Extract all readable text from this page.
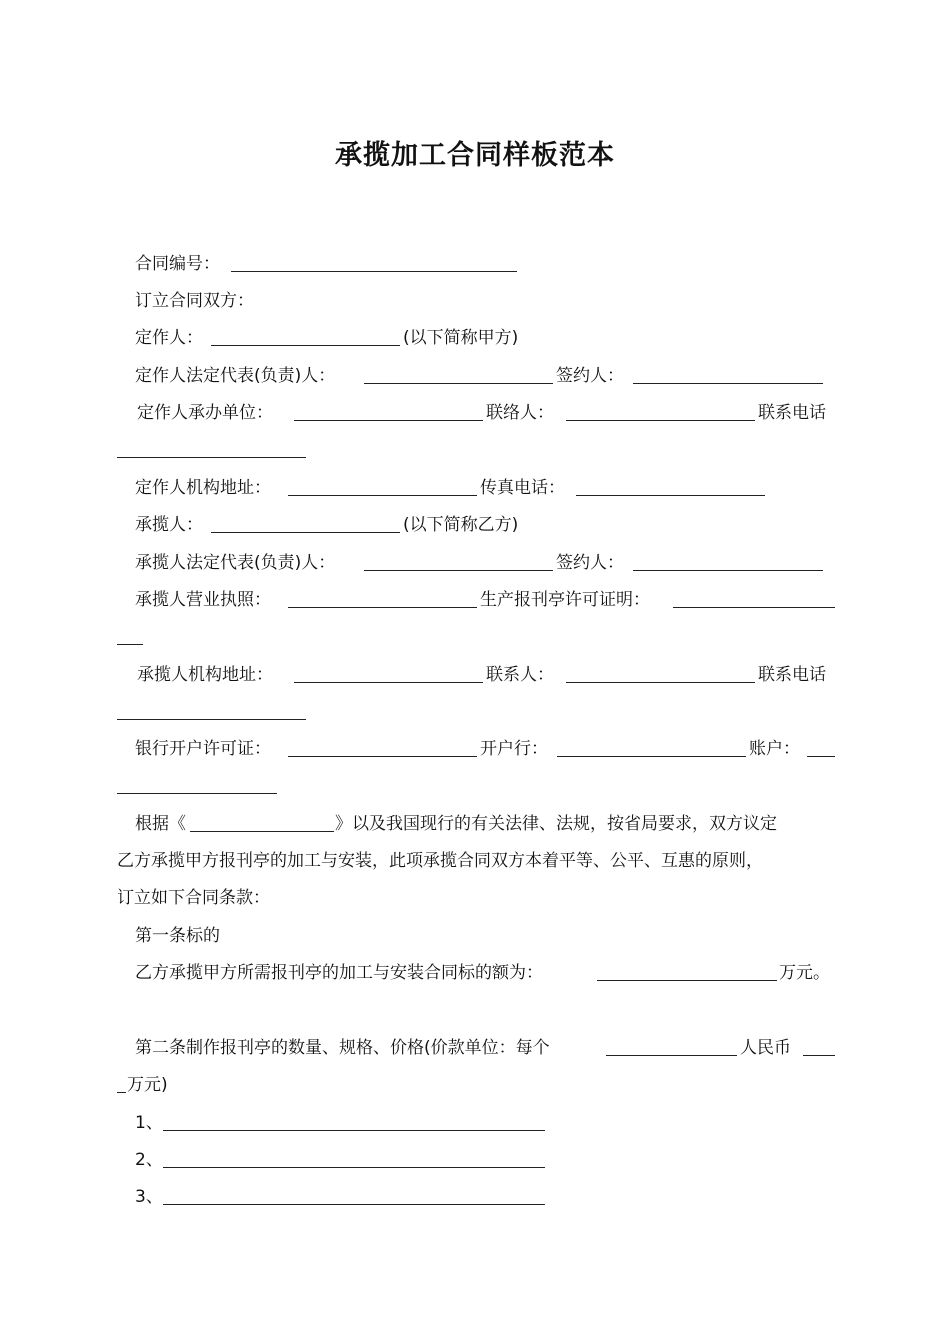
承揽加工合同样板范本
合同编号：
订立合同双方：
定作人：	(以下简称甲方)
定作人法定代表(负责)人：	签约人：
定作人承办单位：	联络人：	联系电话
定作人机构地址：	传真电话：
承揽人：	(以下简称乙方)
承揽人法定代表(负责)人：	签约人：
承揽人营业执照：	生产报刊亭许可证明：
承揽人机构地址：	联系人：	联系电话
银行开户许可证：	开户行：	账户：
根据《	》以及我国现行的有关法律、法规，按省局要求，双方议定
乙方承揽甲方报刊亭的加工与安装，此项承揽合同双方本着平等、公平、互惠的原则，
订立如下合同条款：
第一条标的
乙方承揽甲方所需报刊亭的加工与安装合同标的额为：	万元。
第二条制作报刊亭的数量、规格、价格(价款单位：每个	人民币
万元)
1、
2、
3、
